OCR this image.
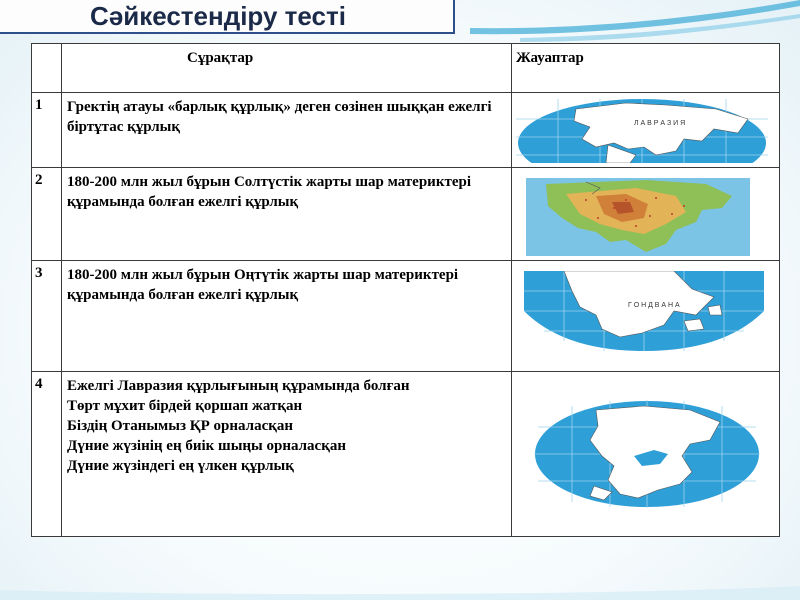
Сәйкестендіру тесті
	Сұрақтар	Жауаптар
1	Гректің атауы «барлық құрлық» деген сөзінен шыққан ежелгі біртұтас құрлық	Л А В Р А З И Я

2	180-200 млн жыл бұрын Солтүстік жарты шар материктері құрамында болған ежелгі құрлық	

3	180-200 млн жыл бұрын Оңтүтік жарты шар материктері құрамында болған ежелгі құрлық	Г О Н Д В А Н А

4	Ежелгі Лавразия құрлығының құрамында болған
Төрт мұхит бірдей қоршап жатқан
Біздің Отанымыз ҚР орналасқан
Дүние жүзінің ең биік шыңы орналасқан
Дүние жүзіндегі ең үлкен құрлық	
